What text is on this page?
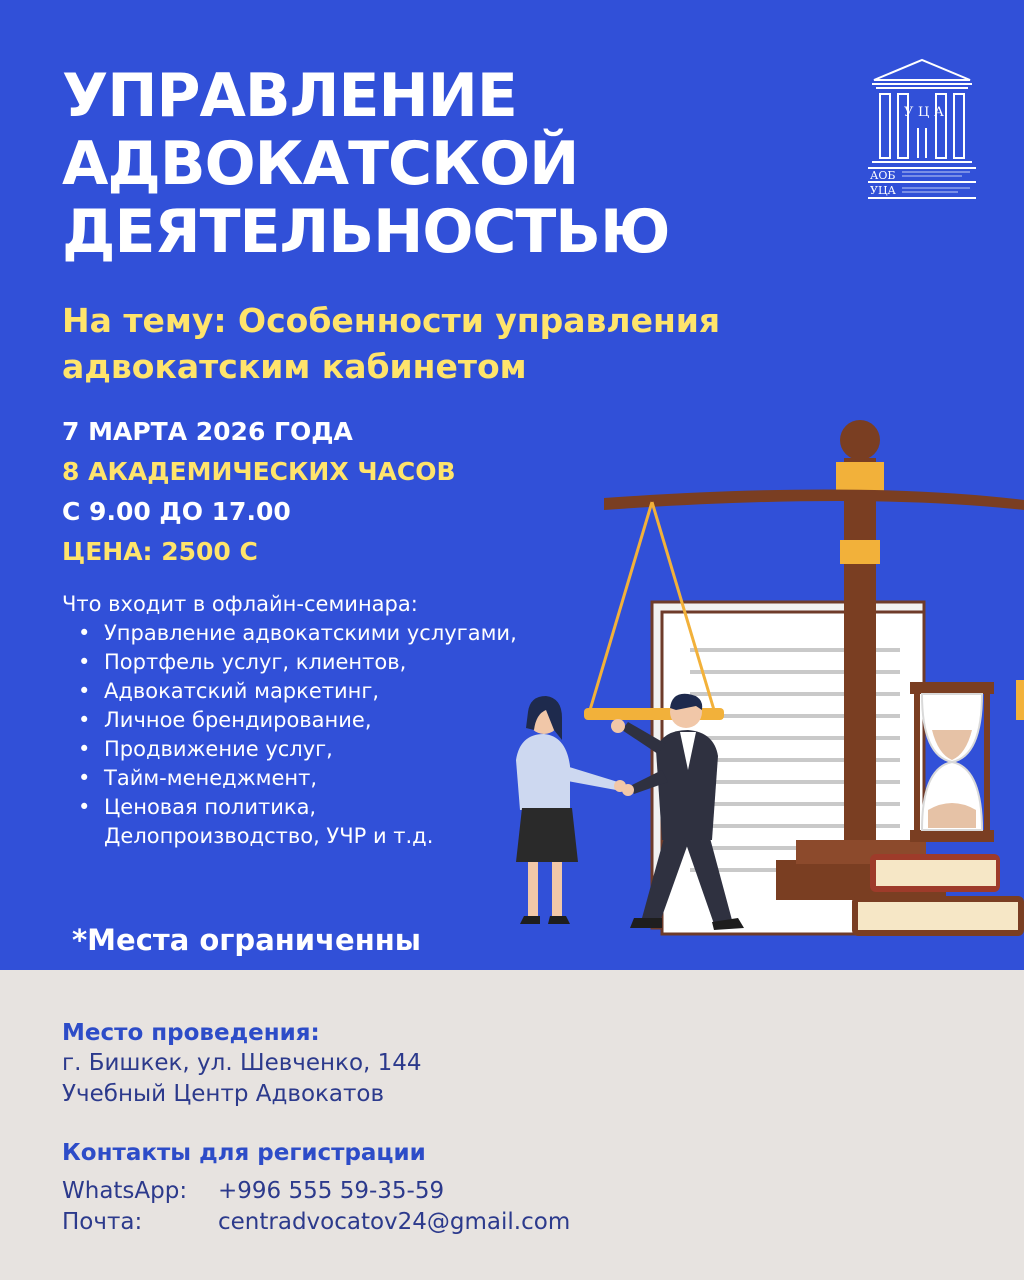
УПРАВЛЕНИЕ
АДВОКАТСКОЙ
ДЕЯТЕЛЬНОСТЬЮ
У Ц А
АОБ
УЦА
На тему: Особенности управления адвокатским кабинетом
7 МАРТА 2026 ГОДА
8 АКАДЕМИЧЕСКИХ ЧАСОВ
С 9.00 ДО 17.00
ЦЕНА: 2500 С
Что входит в офлайн-семинара:
• Управление адвокатскими услугами,
• Портфель услуг, клиентов,
• Адвокатский маркетинг,
• Личное брендирование,
• Продвижение услуг,
• Тайм-менеджмент,
• Ценовая политика, Делопроизводство, УЧР и т.д.
*Места ограниченны
Место проведения:
г. Бишкек, ул. Шевченко, 144
Учебный Центр Адвокатов
Контакты для регистрации
WhatsApp:	+996 555 59-35-59
Почта:	centradvocatov24@gmail.com
